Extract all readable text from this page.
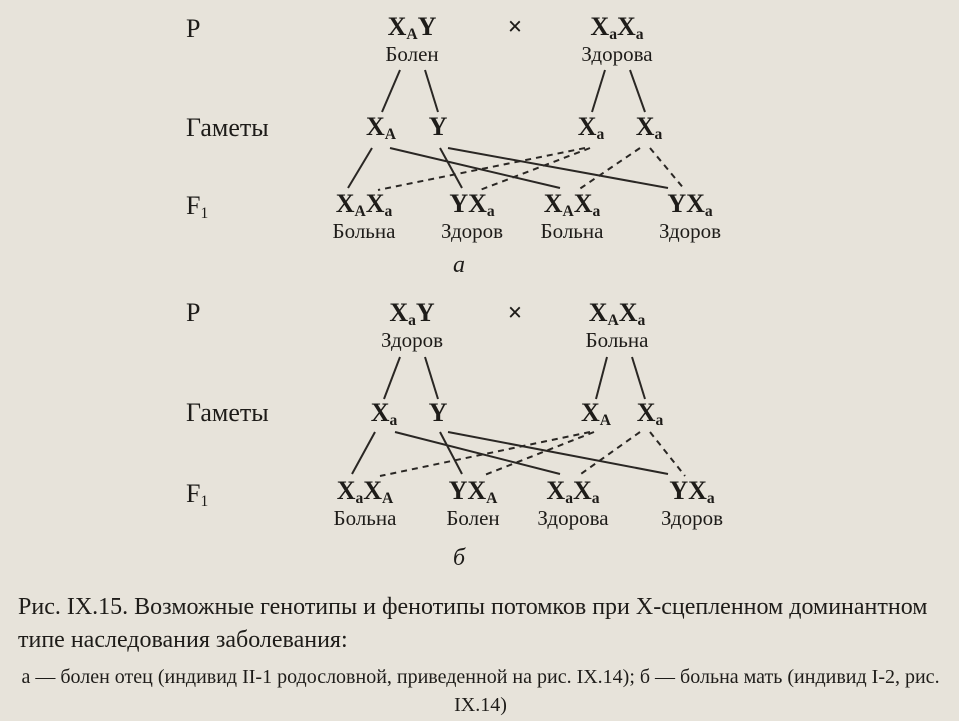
P
Гаметы
$F_1$
$X_AY$
Болен
×	$X_aX_a$
Здорова
$X_A$ Y	$X_a$ $X_a$
$X_AX_a$
Больна
$YX_a$
Здоров
$X_AX_a$
Больна
$YX_a$
Здоров
а
P
Гаметы
$F_1$
$X_aY$
Здоров
×	$X_AX_a$
Больна
$X_a$ Y	$X_A$ $X_a$
$X_aX_A$
Больна
$YX_A$
Болен
$X_aX_a$
Здорова
$YX_a$
Здоров
б
Рис. IX.15. Возможные генотипы и фенотипы потомков при Х-сцепленном доминантном типе наследования заболевания:
а — болен отец (индивид II-1 родословной, приведенной на рис. IX.14); б — больна мать (индивид I-2, рис. IX.14)
